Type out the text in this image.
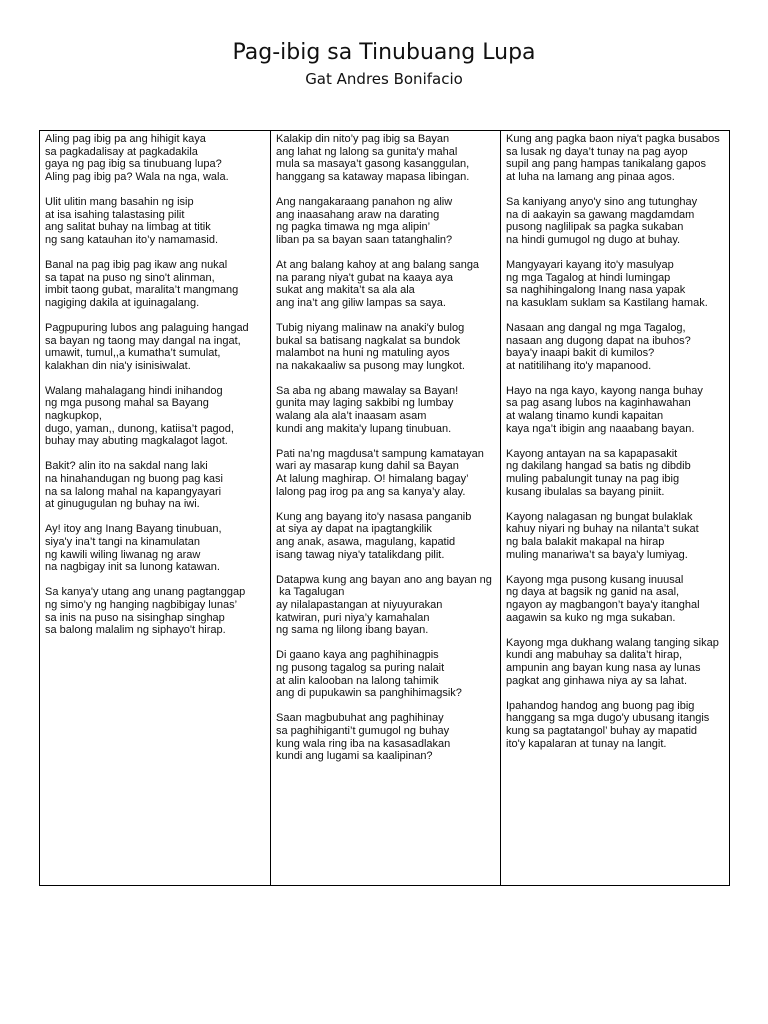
Pag-ibig sa Tinubuang Lupa
Gat Andres Bonifacio
Aling pag ibig pa ang hihigit kaya
sa pagkadalisay at pagkadakila
gaya ng pag ibig sa tinubuang lupa?
Aling pag ibig pa? Wala na nga, wala.
Ulit ulitin mang basahin ng isip
at isa isahing talastasing pilit
ang salitat buhay na limbag at titik
ng sang katauhan ito’y namamasid.
Banal na pag ibig pag ikaw ang nukal
sa tapat na puso ng sino't alinman,
imbit taong gubat, maralita’t mangmang
nagiging dakila at iguinagalang.
Pagpupuring lubos ang palaguing hangad
sa bayan ng taong may dangal na ingat,
umawit, tumul,,a kumatha’t sumulat,
kalakhan din nia'y isinisiwalat.
Walang mahalagang hindi inihandog
ng mga pusong mahal sa Bayang nagkupkop,
dugo, yaman,, dunong, katiisa’t pagod,
buhay may abuting magkalagot lagot.
Bakit? alin ito na sakdal nang laki
na hinahandugan ng buong pag kasi
na sa lalong mahal na kapangyayari
at ginugugulan ng buhay na iwi.
Ay! itoy ang Inang Bayang tinubuan,
siya'y ina’t tangi na kinamulatan
ng kawili wiling liwanag ng araw
na nagbigay init sa lunong katawan.
Sa kanya'y utang ang unang pagtanggap
ng simo’y ng hanging nagbibigay lunas’
sa inis na puso na sisinghap singhap
sa balong malalim ng siphayo't hirap.
Kalakip din nito’y pag ibig sa Bayan
ang lahat ng lalong sa gunita'y mahal
mula sa masaya’t gasong kasanggulan,
hanggang sa kataway mapasa libingan.
Ang nangakaraang panahon ng aliw
ang inaasahang araw na darating
ng pagka timawa ng mga alipin’
liban pa sa bayan saan tatanghalin?
At ang balang kahoy at ang balang sanga
na parang niya't gubat na kaaya aya
sukat ang makita’t sa ala ala
ang ina’t ang giliw lampas sa saya.
Tubig niyang malinaw na anaki'y bulog
bukal sa batisang nagkalat sa bundok
malambot na huni ng matuling ayos
na nakakaaliw sa pusong may lungkot.
Sa aba ng abang mawalay sa Bayan!
gunita may laging sakbibi ng lumbay
walang ala ala’t inaasam asam
kundi ang makita'y lupang tinubuan.
Pati na’ng magdusa’t sampung kamatayan
wari ay masarap kung dahil sa Bayan
At lalung maghirap. O! himalang bagay’
lalong pag irog pa ang sa kanya’y alay.
Kung ang bayang ito'y nasasa panganib
at siya ay dapat na ipagtangkilik
ang anak, asawa, magulang, kapatid
isang tawag niya'y tatalikdang pilit.
Datapwa kung ang bayan ano ang bayan ng
ka Tagalugan
ay nilalapastangan at niyuyurakan
katwiran, puri niya’y kamahalan
ng sama ng lilong ibang bayan.
Di gaano kaya ang paghihinagpis
ng pusong tagalog sa puring nalait
at alin kalooban na lalong tahimik
ang di pupukawin sa panghihimagsik?
Saan magbubuhat ang paghihinay
sa paghihiganti’t gumugol ng buhay
kung wala ring iba na kasasadlakan
kundi ang lugami sa kaalipinan?
Kung ang pagka baon niya't pagka busabos
sa lusak ng daya’t tunay na pag ayop
supil ang pang hampas tanikalang gapos
at luha na lamang ang pinaa agos.
Sa kaniyang anyo'y sino ang tutunghay
na di aakayin sa gawang magdamdam
pusong naglilipak sa pagka sukaban
na hindi gumugol ng dugo at buhay.
Mangyayari kayang ito'y masulyap
ng mga Tagalog at hindi lumingap
sa naghihingalong Inang nasa yapak
na kasuklam suklam sa Kastilang hamak.
Nasaan ang dangal ng mga Tagalog,
nasaan ang dugong dapat na ibuhos?
baya'y inaapi bakit di kumilos?
at natitilihang ito'y mapanood.
Hayo na nga kayo, kayong nanga buhay
sa pag asang lubos na kaginhawahan
at walang tinamo kundi kapaitan
kaya nga’t ibigin ang naaabang bayan.
Kayong antayan na sa kapapasakit
ng dakilang hangad sa batis ng dibdib
muling pabalungit tunay na pag ibig
kusang ibulalas sa bayang piniit.
Kayong nalagasan ng bungat bulaklak
kahuy niyari ng buhay na nilanta’t sukat
ng bala balakit makapal na hirap
muling manariwa’t sa baya'y lumiyag.
Kayong mga pusong kusang inuusal
ng daya at bagsik ng ganid na asal,
ngayon ay magbangon’t baya'y itanghal
aagawin sa kuko ng mga sukaban.
Kayong mga dukhang walang tanging sikap
kundi ang mabuhay sa dalita’t hirap,
ampunin ang bayan kung nasa ay lunas
pagkat ang ginhawa niya ay sa lahat.
Ipahandog handog ang buong pag ibig
hanggang sa mga dugo'y ubusang itangis
kung sa pagtatangol’ buhay ay mapatid
ito'y kapalaran at tunay na langit.
